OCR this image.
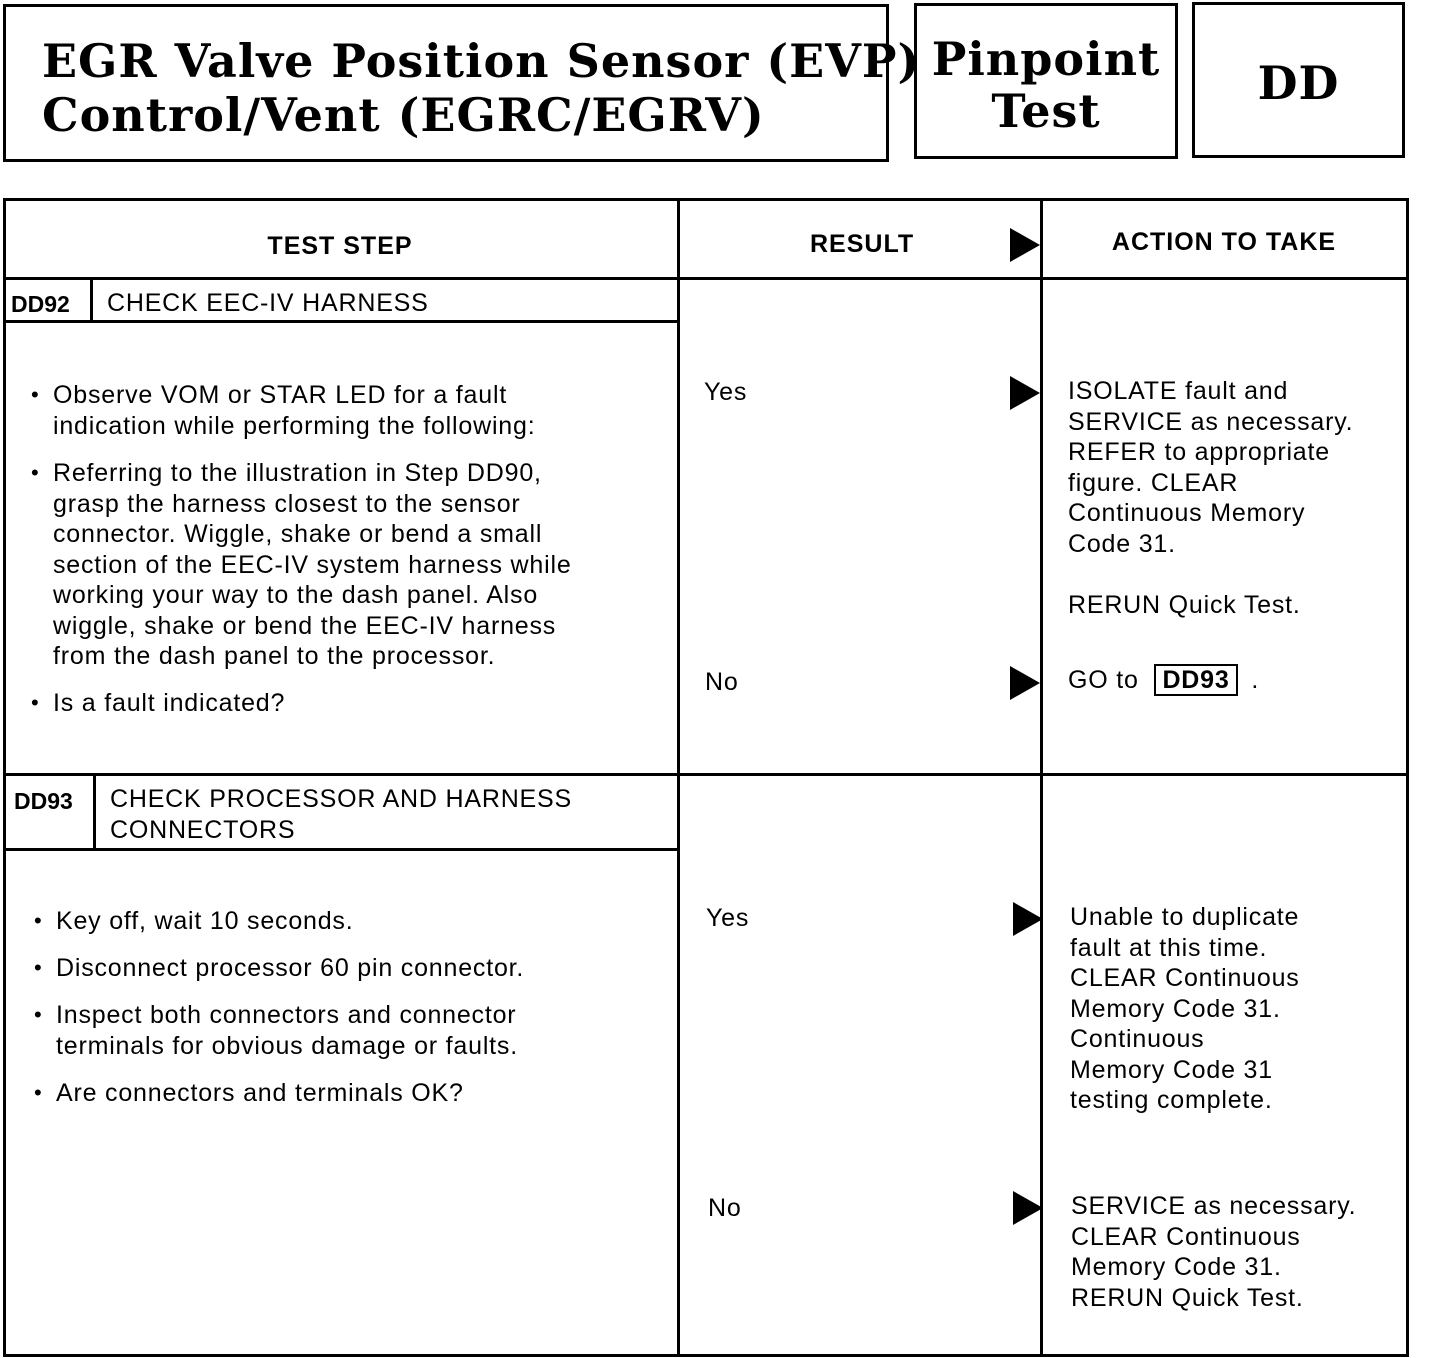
EGR Valve Position Sensor (EVP)
Control/Vent (EGRC/EGRV)
Pinpoint
Test
DD
TEST STEP	RESULT	ACTION TO TAKE
DD92 CHECK EEC-IV HARNESS
• Observe VOM or STAR LED for a fault
indication while performing the following:
• Referring to the illustration in Step DD90,
grasp the harness closest to the sensor
connector. Wiggle, shake or bend a small
section of the EEC-IV system harness while
working your way to the dash panel. Also
wiggle, shake or bend the EEC-IV harness
from the dash panel to the processor.
• Is a fault indicated?
Yes	ISOLATE fault and
SERVICE as necessary.
REFER to appropriate
figure. CLEAR
Continuous Memory
Code 31.
RERUN Quick Test.
No	GO to DD93 .
DD93 CHECK PROCESSOR AND HARNESS
CONNECTORS
• Key off, wait 10 seconds.
• Disconnect processor 60 pin connector.
• Inspect both connectors and connector
terminals for obvious damage or faults.
• Are connectors and terminals OK?
Yes	Unable to duplicate
fault at this time.
CLEAR Continuous
Memory Code 31.
Continuous
Memory Code 31
testing complete.
No	SERVICE as necessary.
CLEAR Continuous
Memory Code 31.
RERUN Quick Test.
